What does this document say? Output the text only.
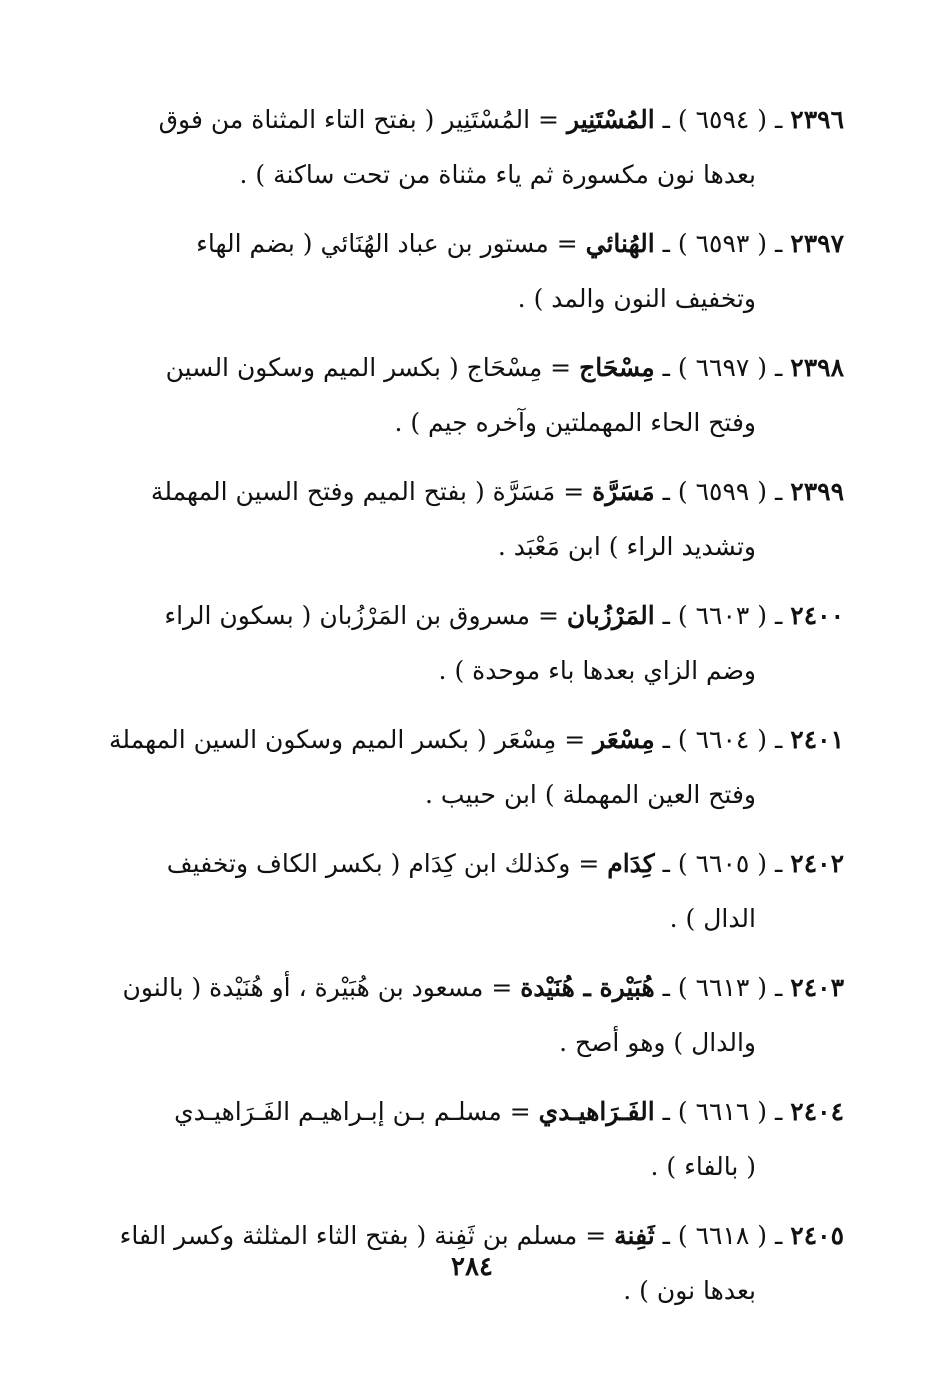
٢٣٩٦ ـ ( ٦٥٩٤ ) ـ المُسْتَنِير = المُسْتَنِير ( بفتح التاء المثناة من فوق
بعدها نون مكسورة ثم ياء مثناة من تحت ساكنة ) .

٢٣٩٧ ـ ( ٦٥٩٣ ) ـ الهُنائي = مستور بن عباد الهُنَائي ( بضم الهاء
وتخفيف النون والمد ) .

٢٣٩٨ ـ ( ٦٦٩٧ ) ـ مِسْحَاج = مِسْحَاج ( بكسر الميم وسكون السين
وفتح الحاء المهملتين وآخره جيم ) .

٢٣٩٩ ـ ( ٦٥٩٩ ) ـ مَسَرَّة = مَسَرَّة ( بفتح الميم وفتح السين المهملة
وتشديد الراء ) ابن مَعْبَد .

٢٤٠٠ ـ ( ٦٦٠٣ ) ـ المَرْزُبان = مسروق بن المَرْزُبان ( بسكون الراء
وضم الزاي بعدها باء موحدة ) .

٢٤٠١ ـ ( ٦٦٠٤ ) ـ مِسْعَر = مِسْعَر ( بكسر الميم وسكون السين المهملة
وفتح العين المهملة ) ابن حبيب .

٢٤٠٢ ـ ( ٦٦٠٥ ) ـ كِدَام = وكذلك ابن كِدَام ( بكسر الكاف وتخفيف
الدال ) .

٢٤٠٣ ـ ( ٦٦١٣ ) ـ هُبَيْرة ـ هُنَيْدة = مسعود بن هُبَيْرة ، أو هُنَيْدة ( بالنون
والدال ) وهو أصح .

٢٤٠٤ ـ ( ٦٦١٦ ) ـ الفَـرَاهيـدي = مسلـم بـن إبـراهيـم الفَـرَاهيـدي
( بالفاء ) .

٢٤٠٥ ـ ( ٦٦١٨ ) ـ ثَفِنة = مسلم بن ثَفِنة ( بفتح الثاء المثلثة وكسر الفاء
بعدها نون ) .

٢٨٤
